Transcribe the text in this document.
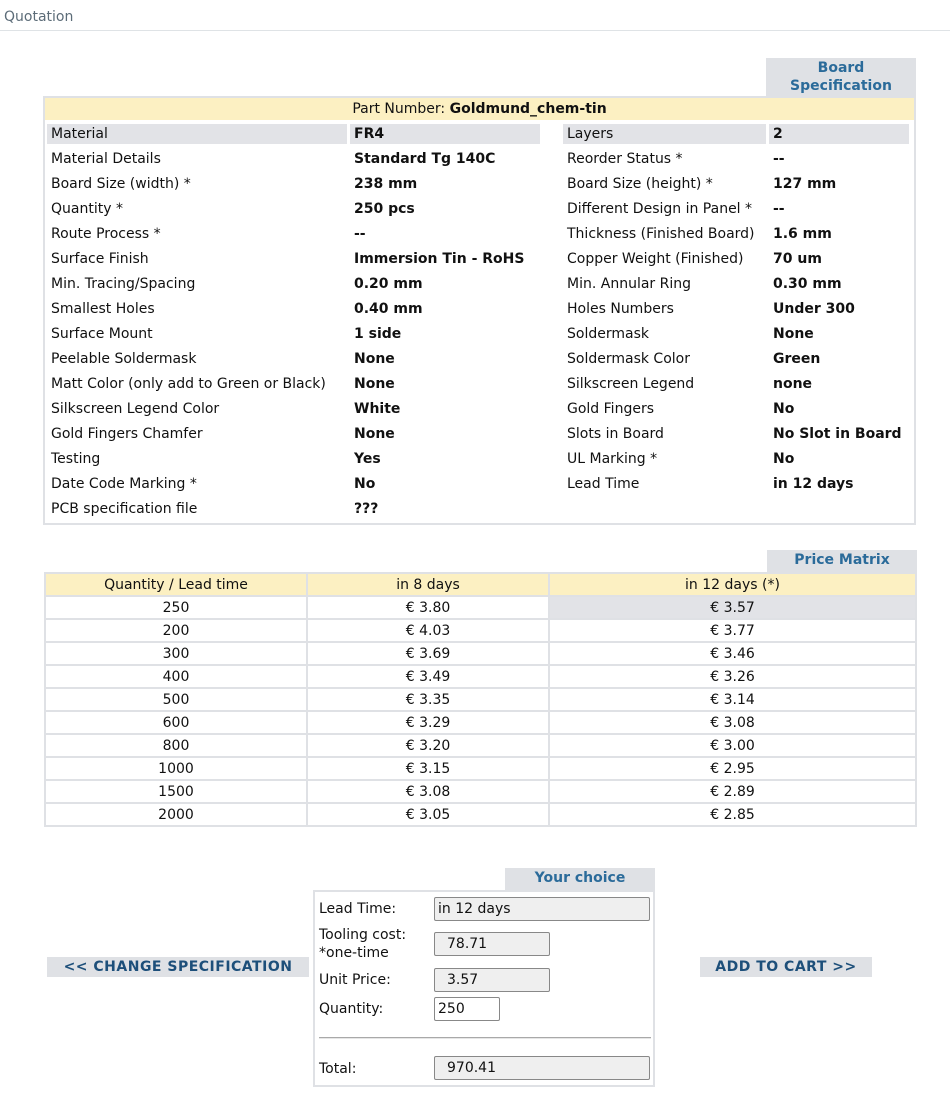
Quotation
Board
Specification
Part Number: Goldmund_chem-tin
Material	FR4
Material Details	Standard Tg 140C
Board Size (width) *	238 mm
Quantity *	250 pcs
Route Process *	--
Surface Finish	Immersion Tin - RoHS
Min. Tracing/Spacing	0.20 mm
Smallest Holes	0.40 mm
Surface Mount	1 side
Peelable Soldermask	None
Matt Color (only add to Green or Black)	None
Silkscreen Legend Color	White
Gold Fingers Chamfer	None
Testing	Yes
Date Code Marking *	No
PCB specification file	???
Layers	2
Reorder Status *	--
Board Size (height) *	127 mm
Different Design in Panel *	--
Thickness (Finished Board)	1.6 mm
Copper Weight (Finished)	70 um
Min. Annular Ring	0.30 mm
Holes Numbers	Under 300
Soldermask	None
Soldermask Color	Green
Silkscreen Legend	none
Gold Fingers	No
Slots in Board	No Slot in Board
UL Marking *	No
Lead Time	in 12 days
Price Matrix
Quantity / Lead time	in 8 days	in 12 days (*)
250	€ 3.80	€ 3.57
200	€ 4.03	€ 3.77
300	€ 3.69	€ 3.46
400	€ 3.49	€ 3.26
500	€ 3.35	€ 3.14
600	€ 3.29	€ 3.08
800	€ 3.20	€ 3.00
1000	€ 3.15	€ 2.95
1500	€ 3.08	€ 2.89
2000	€ 3.05	€ 2.85
Your choice
Lead Time:
in 12 days
Tooling cost:
*one-time
78.71
Unit Price:
3.57
Quantity:
250
Total:
970.41
<< CHANGE SPECIFICATION	ADD TO CART >>
